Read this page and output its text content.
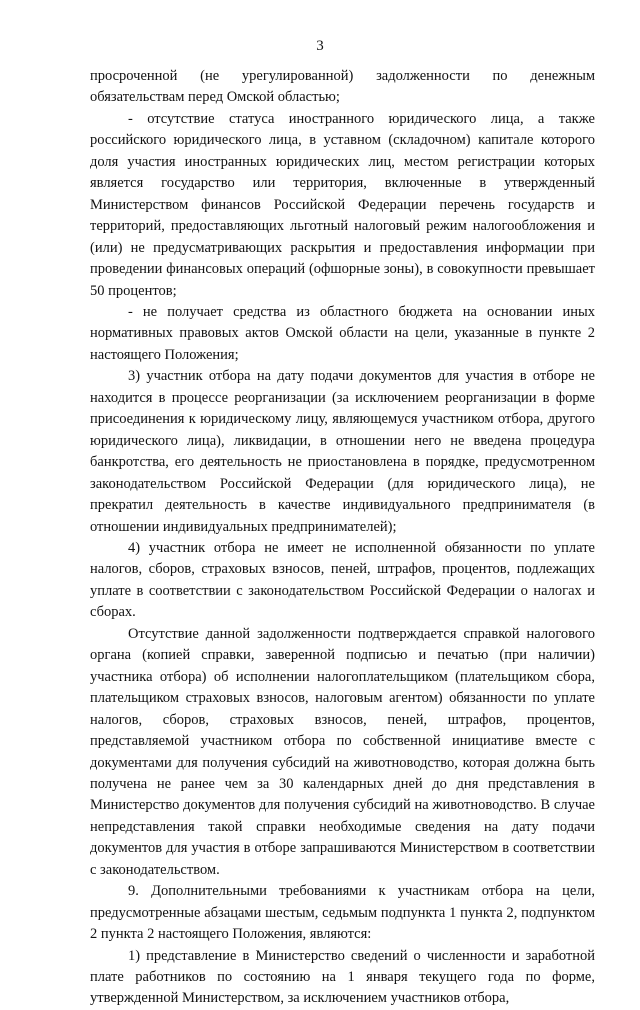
3

просроченной (не урегулированной) задолженности по денежным обязательствам перед Омской областью;

- отсутствие статуса иностранного юридического лица, а также российского юридического лица, в уставном (складочном) капитале которого доля участия иностранных юридических лиц, местом регистрации которых является государство или территория, включенные в утвержденный Министерством финансов Российской Федерации перечень государств и территорий, предоставляющих льготный налоговый режим налогообложения и (или) не предусматривающих раскрытия и предоставления информации при проведении финансовых операций (офшорные зоны), в совокупности превышает 50 процентов;

- не получает средства из областного бюджета на основании иных нормативных правовых актов Омской области на цели, указанные в пункте 2 настоящего Положения;

3) участник отбора на дату подачи документов для участия в отборе не находится в процессе реорганизации (за исключением реорганизации в форме присоединения к юридическому лицу, являющемуся участником отбора, другого юридического лица), ликвидации, в отношении него не введена процедура банкротства, его деятельность не приостановлена в порядке, предусмотренном законодательством Российской Федерации (для юридического лица), не прекратил деятельность в качестве индивидуального предпринимателя (в отношении индивидуальных предпринимателей);

4) участник отбора не имеет не исполненной обязанности по уплате налогов, сборов, страховых взносов, пеней, штрафов, процентов, подлежащих уплате в соответствии с законодательством Российской Федерации о налогах и сборах.

Отсутствие данной задолженности подтверждается справкой налогового органа (копией справки, заверенной подписью и печатью (при наличии) участника отбора) об исполнении налогоплательщиком (плательщиком сбора, плательщиком страховых взносов, налоговым агентом) обязанности по уплате налогов, сборов, страховых взносов, пеней, штрафов, процентов, представляемой участником отбора по собственной инициативе вместе с документами для получения субсидий на животноводство, которая должна быть получена не ранее чем за 30 календарных дней до дня представления в Министерство документов для получения субсидий на животноводство. В случае непредставления такой справки необходимые сведения на дату подачи документов для участия в отборе запрашиваются Министерством в соответствии с законодательством.

9. Дополнительными требованиями к участникам отбора на цели, предусмотренные абзацами шестым, седьмым подпункта 1 пункта 2, подпунктом 2 пункта 2 настоящего Положения, являются:

1) представление в Министерство сведений о численности и заработной плате работников по состоянию на 1 января текущего года по форме, утвержденной Министерством, за исключением участников отбора,
